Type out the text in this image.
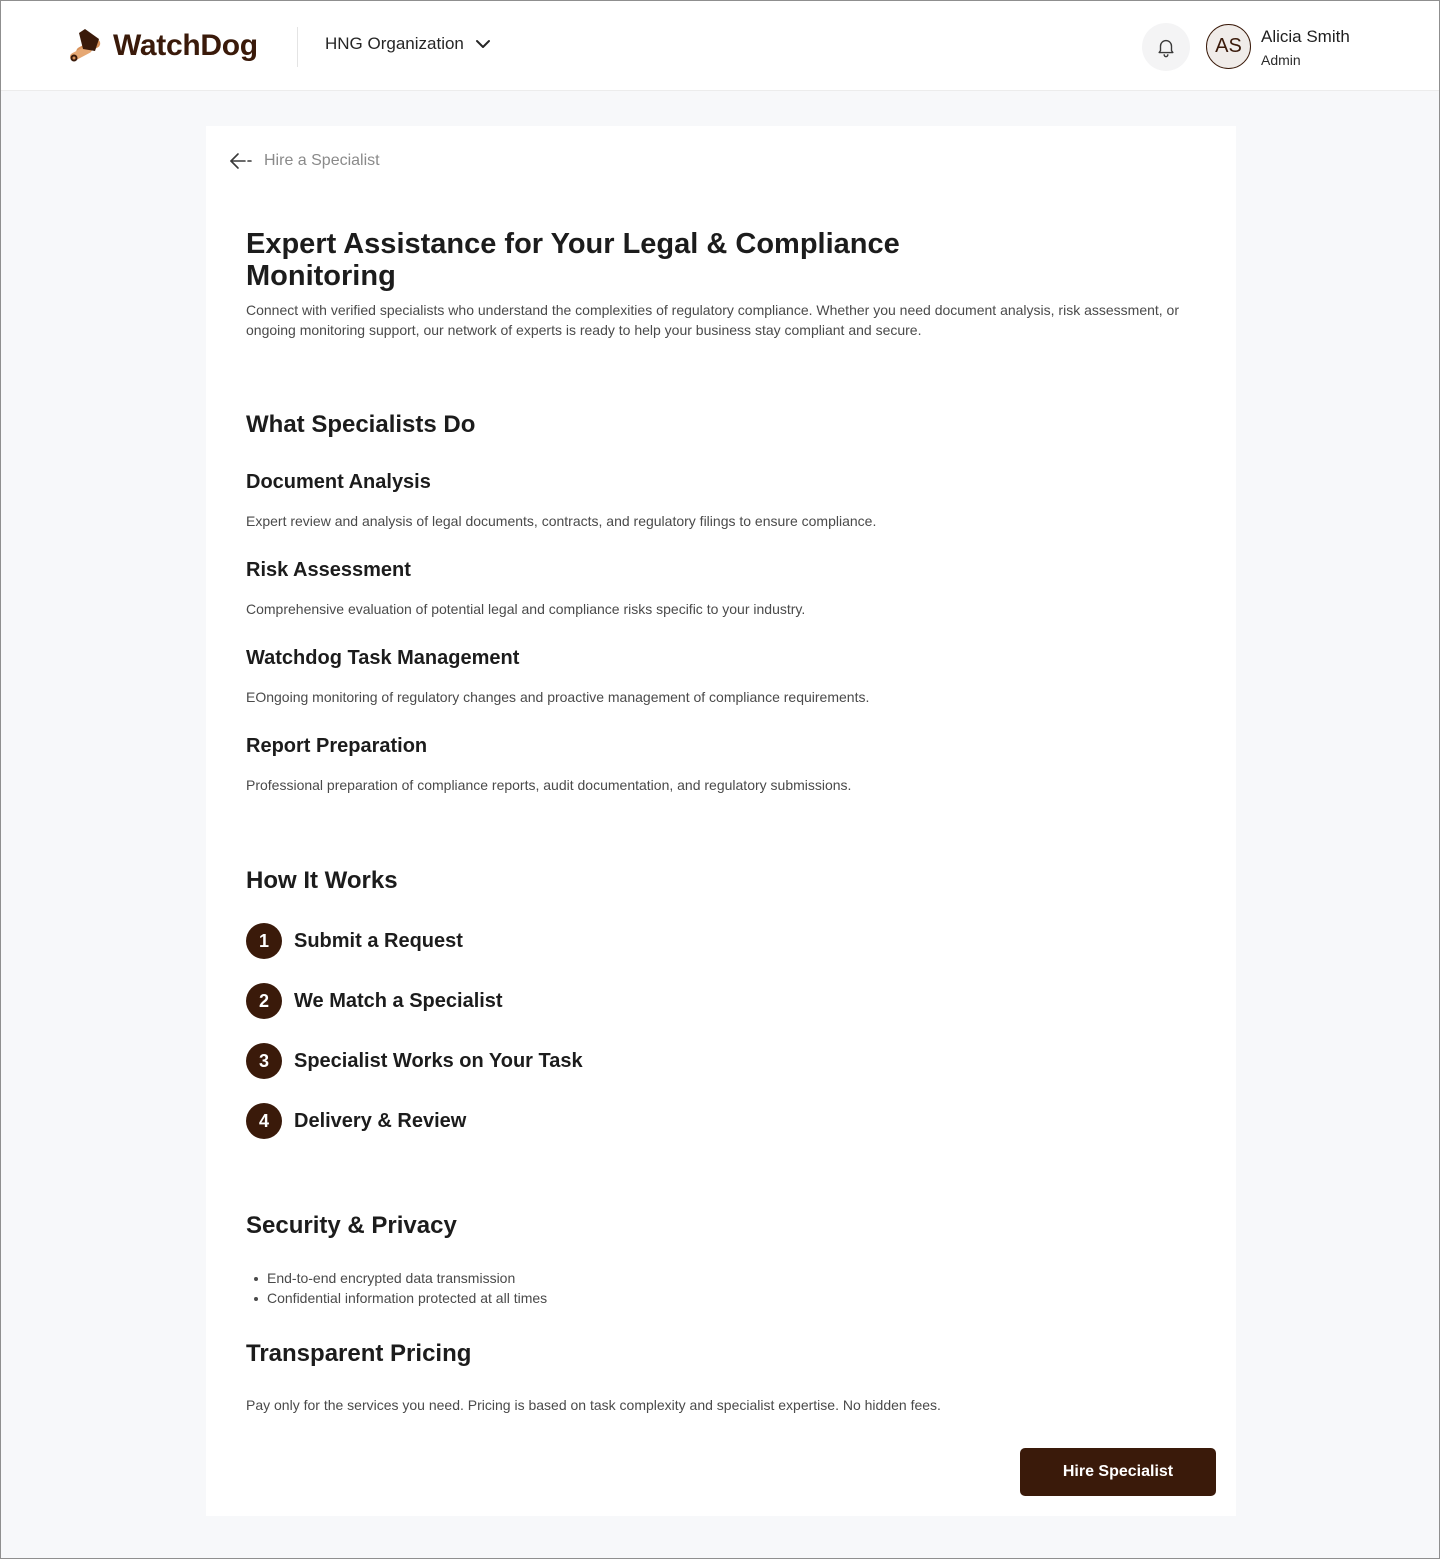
WatchDog	HNG Organization	AS	Alicia Smith
Admin
Hire a Specialist
Expert Assistance for Your Legal & Compliance Monitoring

Connect with verified specialists who understand the complexities of regulatory compliance. Whether you need document analysis, risk assessment, or ongoing monitoring support, our network of experts is ready to help your business stay compliant and secure.

What Specialists Do
Document Analysis

Expert review and analysis of legal documents, contracts, and regulatory filings to ensure compliance.

Risk Assessment

Comprehensive evaluation of potential legal and compliance risks specific to your industry.

Watchdog Task Management

EOngoing monitoring of regulatory changes and proactive management of compliance requirements.

Report Preparation

Professional preparation of compliance reports, audit documentation, and regulatory submissions.

How It Works
1	Submit a Request
2	We Match a Specialist
3	Specialist Works on Your Task
4	Delivery & Review
Security & Privacy
End-to-end encrypted data transmission
Confidential information protected at all times
Transparent Pricing

Pay only for the services you need. Pricing is based on task complexity and specialist expertise. No hidden fees.

Hire Specialist
